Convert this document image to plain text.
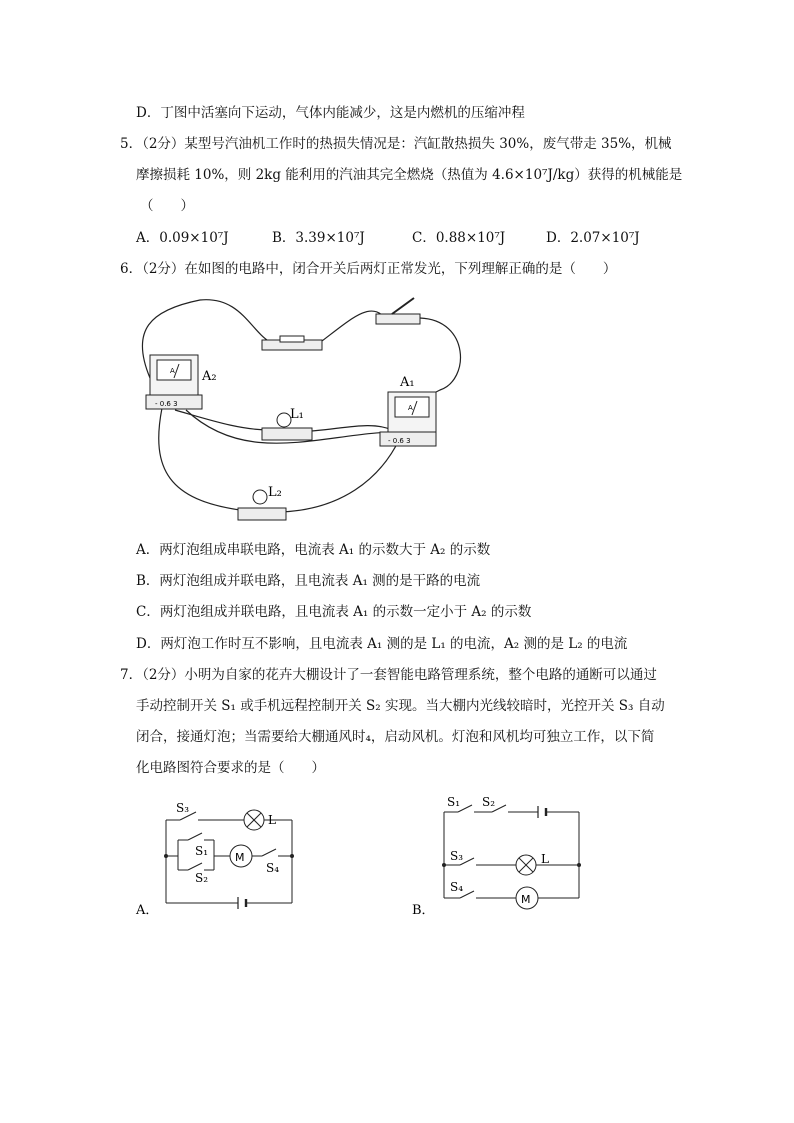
D．丁图中活塞向下运动，气体内能减少，这是内燃机的压缩冲程
5．（2分）某型号汽油机工作时的热损失情况是：汽缸散热损失 30%，废气带走 35%，机械
摩擦损耗 10%，则 2kg 能利用的汽油其完全燃烧（热值为 4.6×10⁷J/kg）获得的机械能是
（　　）
A．0.09×10⁷J	B．3.39×10⁷J	C．0.88×10⁷J	D．2.07×10⁷J
6．（2分）在如图的电路中，闭合开关后两灯正常发光，下列理解正确的是（　　）
A
- 0.6 3
A₂
A
- 0.6 3
A₁
L₁
L₂
A．两灯泡组成串联电路，电流表 A₁ 的示数大于 A₂ 的示数
B．两灯泡组成并联电路，且电流表 A₁ 测的是干路的电流
C．两灯泡组成并联电路，且电流表 A₁ 的示数一定小于 A₂ 的示数
D．两灯泡工作时互不影响，且电流表 A₁ 测的是 L₁ 的电流，A₂ 测的是 L₂ 的电流
7．（2分）小明为自家的花卉大棚设计了一套智能电路管理系统，整个电路的通断可以通过
手动控制开关 S₁ 或手机远程控制开关 S₂ 实现。当大棚内光线较暗时，光控开关 S₃ 自动
闭合，接通灯泡；当需要给大棚通风时₄，启动风机。灯泡和风机均可独立工作，以下简
化电路图符合要求的是（　　）
M
S₃
L
S₁
S₂
S₄
A．
M
S₁ S₂
S₃	L
S₄
B．
